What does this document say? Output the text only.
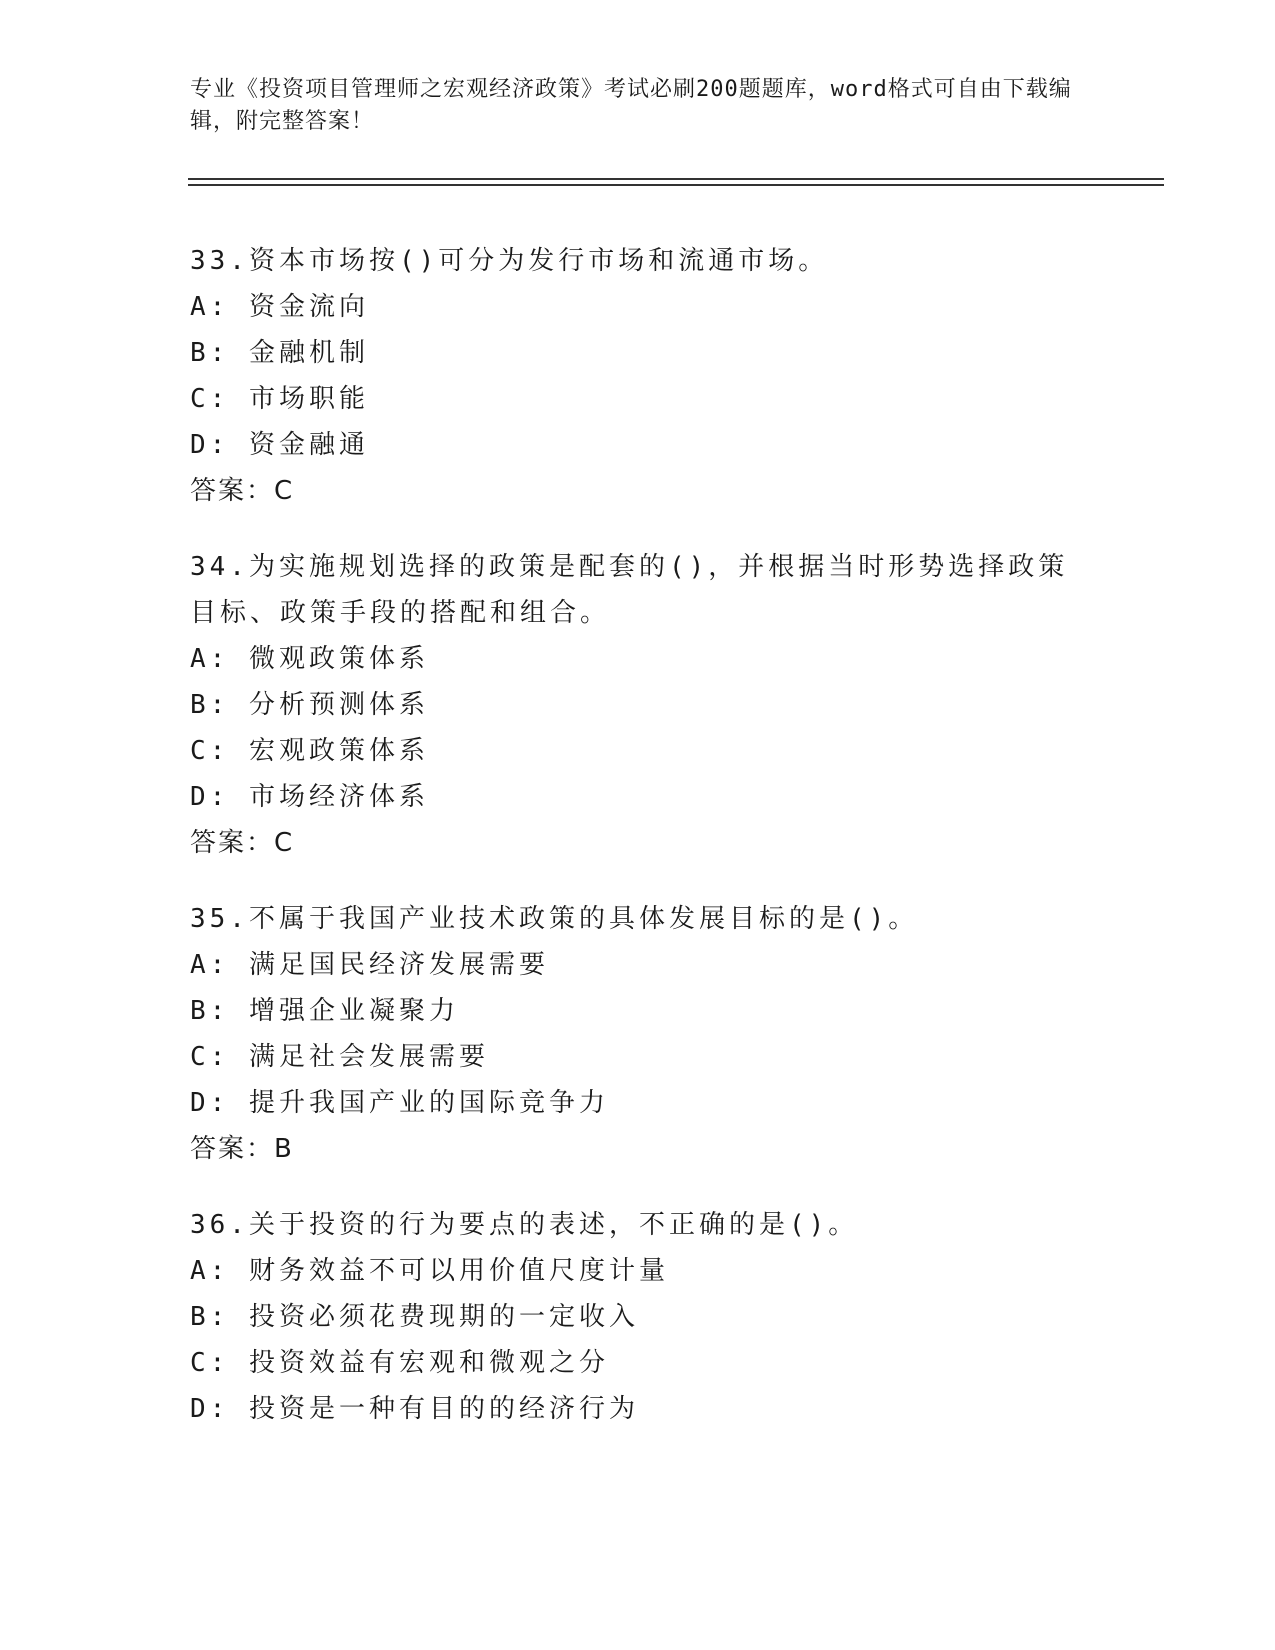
专业《投资项目管理师之宏观经济政策》考试必刷200题题库，word格式可自由下载编辑，附完整答案！

33.资本市场按()可分为发行市场和流通市场。

A: 资金流向

B: 金融机制

C: 市场职能

D: 资金融通

答案：C

34.为实施规划选择的政策是配套的()，并根据当时形势选择政策目标、政策手段的搭配和组合。

A: 微观政策体系

B: 分析预测体系

C: 宏观政策体系

D: 市场经济体系

答案：C

35.不属于我国产业技术政策的具体发展目标的是()。

A: 满足国民经济发展需要

B: 增强企业凝聚力

C: 满足社会发展需要

D: 提升我国产业的国际竞争力

答案：B

36.关于投资的行为要点的表述，不正确的是()。

A: 财务效益不可以用价值尺度计量

B: 投资必须花费现期的一定收入

C: 投资效益有宏观和微观之分

D: 投资是一种有目的的经济行为
